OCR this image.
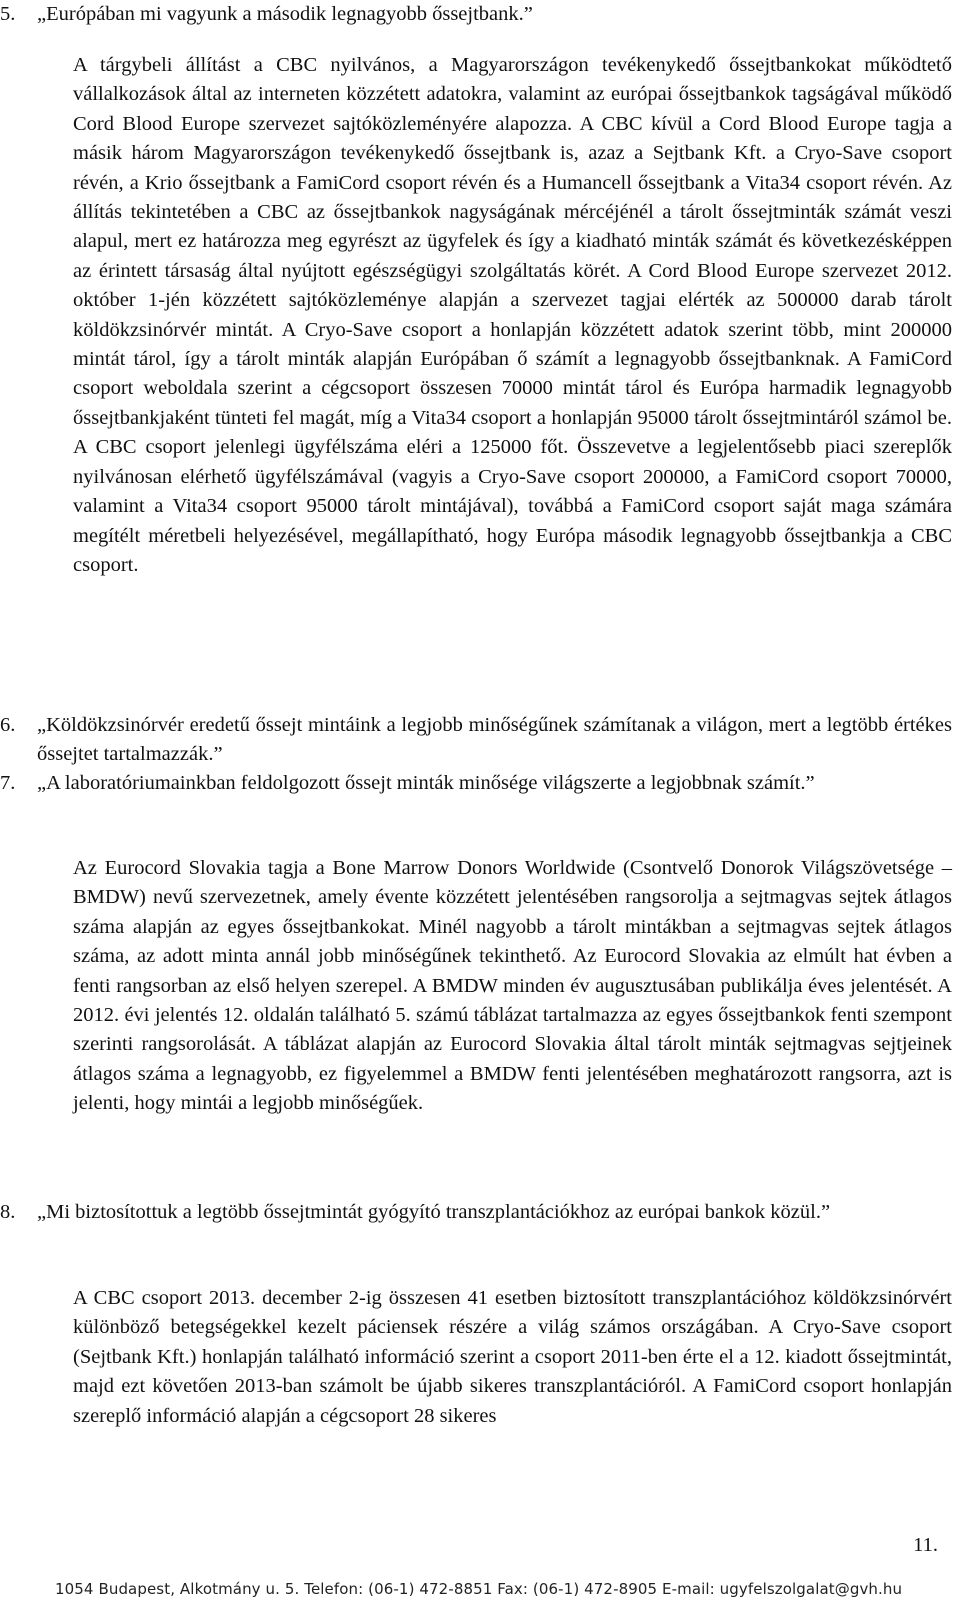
5.	„Európában mi vagyunk a második legnagyobb őssejtbank.”
A tárgybeli állítást a CBC nyilvános, a Magyarországon tevékenykedő őssejtbankokat működtető vállalkozások által az interneten közzétett adatokra, valamint az európai őssejtbankok tagságával működő Cord Blood Europe szervezet sajtóközleményére alapozza. A CBC kívül a Cord Blood Europe tagja a másik három Magyarországon tevékenykedő őssejtbank is, azaz a Sejtbank Kft. a Cryo-Save csoport révén, a Krio őssejtbank a FamiCord csoport révén és a Humancell őssejtbank a Vita34 csoport révén. Az állítás tekintetében a CBC az őssejtbankok nagyságának mércéjénél a tárolt őssejtminták számát veszi alapul, mert ez határozza meg egyrészt az ügyfelek és így a kiadható minták számát és következésképpen az érintett társaság által nyújtott egészségügyi szolgáltatás körét. A Cord Blood Europe szervezet 2012. október 1-jén közzétett sajtóközleménye alapján a szervezet tagjai elérték az 500000 darab tárolt köldökzsinórvér mintát. A Cryo-Save csoport a honlapján közzétett adatok szerint több, mint 200000 mintát tárol, így a tárolt minták alapján Európában ő számít a legnagyobb őssejtbanknak. A FamiCord csoport weboldala szerint a cégcsoport összesen 70000 mintát tárol és Európa harmadik legnagyobb őssejtbankjaként tünteti fel magát, míg a Vita34 csoport a honlapján 95000 tárolt őssejtmintáról számol be. A CBC csoport jelenlegi ügyfélszáma eléri a 125000 főt. Összevetve a legjelentősebb piaci szereplők nyilvánosan elérhető ügyfélszámával (vagyis a Cryo-Save csoport 200000, a FamiCord csoport 70000, valamint a Vita34 csoport 95000 tárolt mintájával), továbbá a FamiCord csoport saját maga számára megítélt méretbeli helyezésével, megállapítható, hogy Európa második legnagyobb őssejtbankja a CBC csoport.
6.	„Köldökzsinórvér eredetű őssejt mintáink a legjobb minőségűnek számítanak a világon, mert a legtöbb értékes őssejtet tartalmazzák.”
7.	„A laboratóriumainkban feldolgozott őssejt minták minősége világszerte a legjobbnak számít.”
Az Eurocord Slovakia tagja a Bone Marrow Donors Worldwide (Csontvelő Donorok Világszövetsége – BMDW) nevű szervezetnek, amely évente közzétett jelentésében rangsorolja a sejtmagvas sejtek átlagos száma alapján az egyes őssejtbankokat. Minél nagyobb a tárolt mintákban a sejtmagvas sejtek átlagos száma, az adott minta annál jobb minőségűnek tekinthető. Az Eurocord Slovakia az elmúlt hat évben a fenti rangsorban az első helyen szerepel. A BMDW minden év augusztusában publikálja éves jelentését. A 2012. évi jelentés 12. oldalán található 5. számú táblázat tartalmazza az egyes őssejtbankok fenti szempont szerinti rangsorolását. A táblázat alapján az Eurocord Slovakia által tárolt minták sejtmagvas sejtjeinek átlagos száma a legnagyobb, ez figyelemmel a BMDW fenti jelentésében meghatározott rangsorra, azt is jelenti, hogy mintái a legjobb minőségűek.
8.	„Mi biztosítottuk a legtöbb őssejtmintát gyógyító transzplantációkhoz az európai bankok közül.”
A CBC csoport 2013. december 2-ig összesen 41 esetben biztosított transzplantációhoz köldökzsinórvért különböző betegségekkel kezelt páciensek részére a világ számos országában. A Cryo-Save csoport (Sejtbank Kft.) honlapján található információ szerint a csoport 2011-ben érte el a 12. kiadott őssejtmintát, majd ezt követően 2013-ban számolt be újabb sikeres transzplantációról. A FamiCord csoport honlapján szereplő információ alapján a cégcsoport 28 sikeres
11.
1054 Budapest, Alkotmány u. 5. Telefon: (06-1) 472-8851 Fax: (06-1) 472-8905 E-mail: ugyfelszolgalat@gvh.hu
